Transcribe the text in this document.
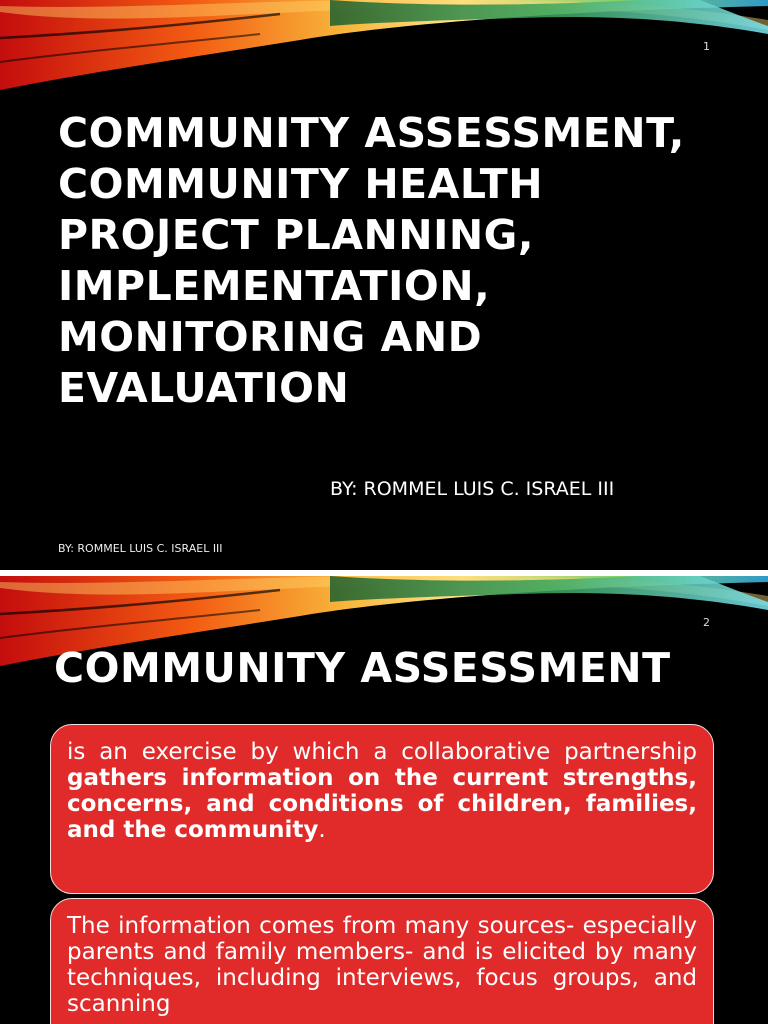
1
COMMUNITY ASSESSMENT,
COMMUNITY HEALTH
PROJECT PLANNING,
IMPLEMENTATION,
MONITORING AND
EVALUATION
BY: ROMMEL LUIS C. ISRAEL III
BY: ROMMEL LUIS C. ISRAEL III
2
COMMUNITY ASSESSMENT
is an exercise by which a collaborative partnership gathers information on the current strengths, concerns, and conditions of children, families, and the community.
The information comes from many sources- especially parents and family members- and is elicited by many techniques, including interviews, focus groups, and scanning
